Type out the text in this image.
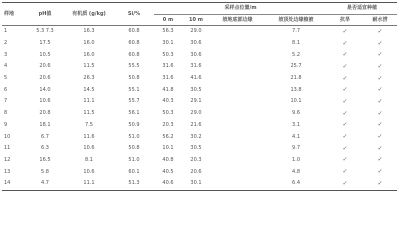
样地	pH值	有机质 (g/kg)	Si/%	采样点位置/m				是否适宜种植	
				0 m	10 m	坡地底部边缘	坡顶处边缘植被	抗旱	耐水涝
1	5.3 7.3	16.3	60.8	56.3	29.0		7.7	✓	✓
2	17.5	16.0	60.8	30.1	30.6		8.1	✓	✓
3	10.5	16.0	60.8	50.3	30.6		5.2	✓	✓
4	20.6	11.5	55.5	31.6	31.6		25.7	✓	✓
5	20.6	26.3	50.8	31.6	41.6		21.8	✓	✓
6	14.0	14.5	55.1	41.8	30.5		13.8	✓	✓
7	10.6	11.1	55.7	40.3	29.1		10.1	✓	✓
8	20.8	11.5	56.1	50.3	29.0		9.6	✓	✓
9	18.1	7.5	50.9	20.3	21.6		3.1	✓	✓
10	6.7	11.6	51.0	56.2	30.2		4.1	✓	✓
11	6.3	10.6	50.8	10.1	30.5		9.7	✓	✓
12	16.5	8.1	51.0	40.8	20.3		1.0	✓	✓
13	5.8	10.6	60.1	40.5	20.6		4.8	✓	✓
14	4.7	11.1	51.3	40.6	30.1		6.4	✓	✓
